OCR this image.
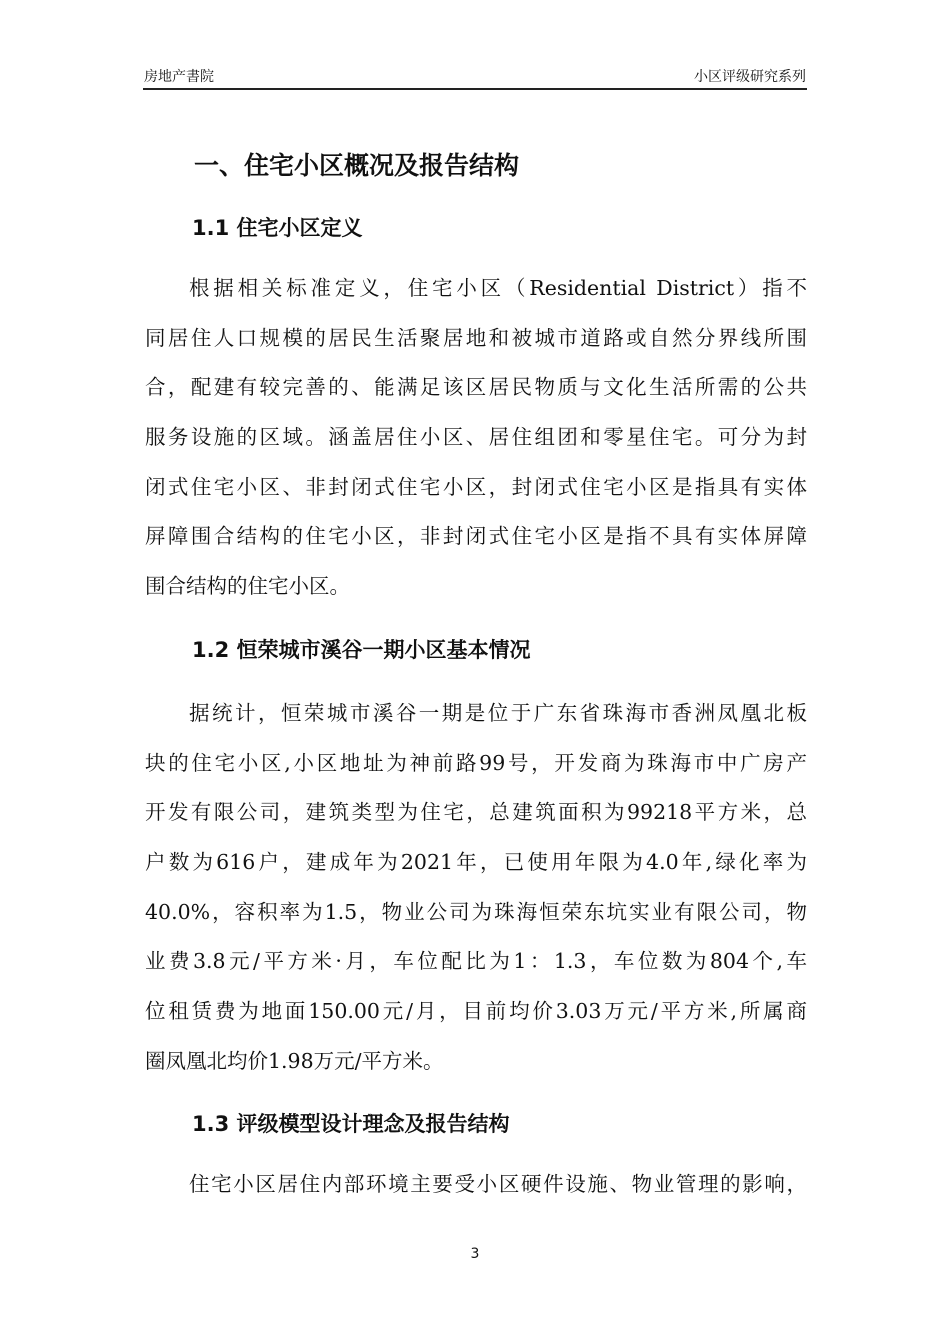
房地产書院	小区评级研究系列
一、住宅小区概况及报告结构
1.1 住宅小区定义
根据相关标准定义，住宅小区（Residential District）指不
同居住人口规模的居民生活聚居地和被城市道路或自然分界线所围
合，配建有较完善的、能满足该区居民物质与文化生活所需的公共
服务设施的区域。涵盖居住小区、居住组团和零星住宅。可分为封
闭式住宅小区、非封闭式住宅小区，封闭式住宅小区是指具有实体
屏障围合结构的住宅小区，非封闭式住宅小区是指不具有实体屏障
围合结构的住宅小区。
1.2 恒荣城市溪谷一期小区基本情况
据统计，恒荣城市溪谷一期是位于广东省珠海市香洲凤凰北板
块的住宅小区,小区地址为神前路99号，开发商为珠海市中广房产
开发有限公司，建筑类型为住宅，总建筑面积为99218平方米，总
户数为616户，建成年为2021年，已使用年限为4.0年,绿化率为
40.0%，容积率为1.5，物业公司为珠海恒荣东坑实业有限公司，物
业费3.8元/平方米·月，车位配比为1：1.3，车位数为804个,车
位租赁费为地面150.00元/月，目前均价3.03万元/平方米,所属商
圈凤凰北均价1.98万元/平方米。
1.3 评级模型设计理念及报告结构
住宅小区居住内部环境主要受小区硬件设施、物业管理的影响，
3
